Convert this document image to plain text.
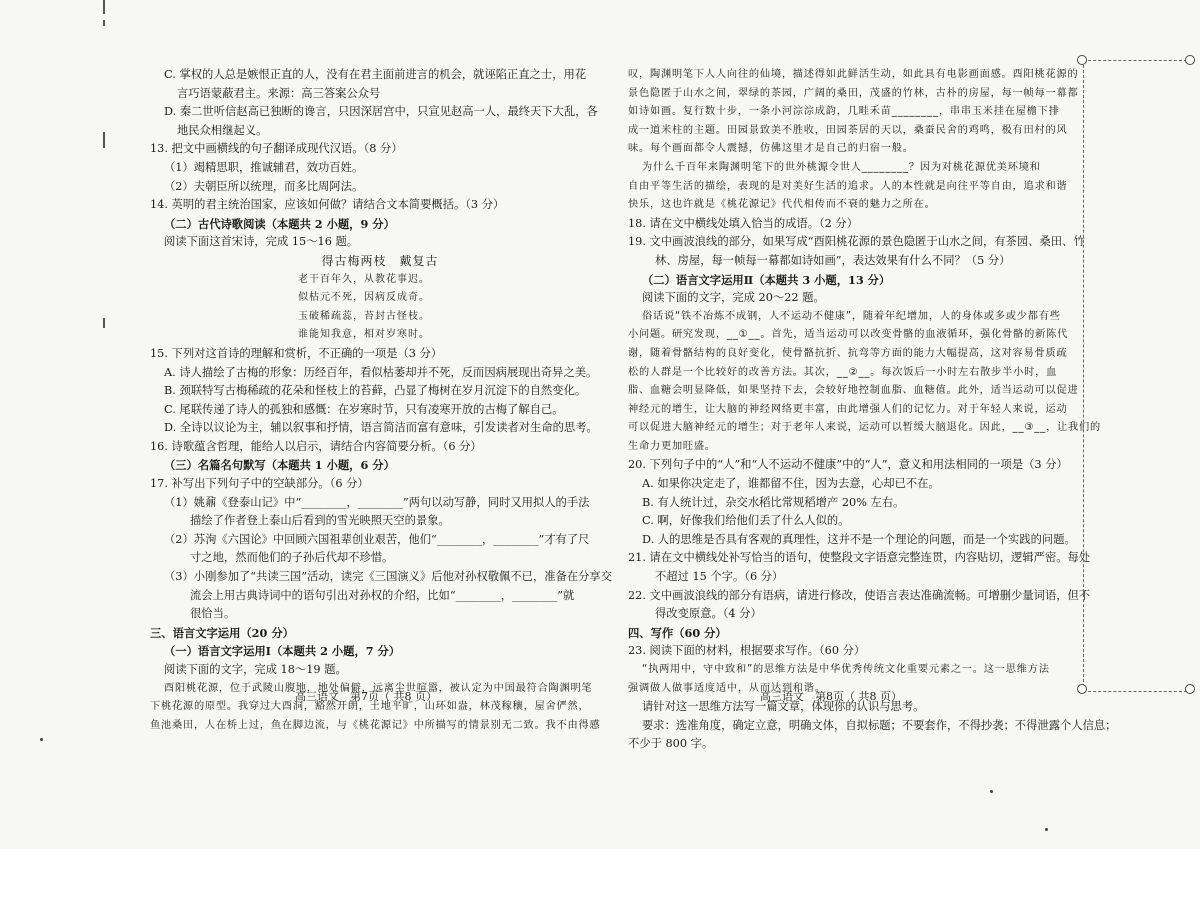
C. 掌权的人总是嫉恨正直的人，没有在君主面前进言的机会，就诬陷正直之士，用花
言巧语蒙蔽君主。来源：高三答案公众号
D. 秦二世听信赵高已独断的谗言，只因深居宫中，只宣见赵高一人，最终天下大乱，各
地民众相继起义。
13. 把文中画横线的句子翻译成现代汉语。（8 分）
（1）竭精思职，推诚辅君，效功百姓。
（2）夫朝臣所以统理，而多比周阿法。
14. 英明的君主统治国家，应该如何做？请结合文本简要概括。（3 分）
（二）古代诗歌阅读（本题共 2 小题，9 分）
阅读下面这首宋诗，完成 15～16 题。
得古梅两枝　戴复古
老干百年久，从教花事迟。
似枯元不死，因病反成奇。
玉破稀疏蕊，苔封古怪枝。
谁能知我意，相对岁寒时。
15. 下列对这首诗的理解和赏析，不正确的一项是（3 分）
A. 诗人描绘了古梅的形象：历经百年，看似枯萎却并不死，反而因病展现出奇异之美。
B. 颈联特写古梅稀疏的花朵和怪枝上的苔藓，凸显了梅树在岁月沉淀下的自然变化。
C. 尾联传递了诗人的孤独和感慨：在岁寒时节，只有凌寒开放的古梅了解自己。
D. 全诗以议论为主，辅以叙事和抒情，语言简洁而富有意味，引发读者对生命的思考。
16. 诗歌蕴含哲理，能给人以启示，请结合内容简要分析。（6 分）
（三）名篇名句默写（本题共 1 小题，6 分）
17. 补写出下列句子中的空缺部分。（6 分）
（1）姚鼐《登泰山记》中“________，________”两句以动写静，同时又用拟人的手法
描绘了作者登上泰山后看到的雪光映照天空的景象。
（2）苏洵《六国论》中回顾六国祖辈创业艰苦，他们“________，________”才有了尺
寸之地，然而他们的子孙后代却不珍惜。
（3）小刚参加了“共读三国”活动，读完《三国演义》后他对孙权敬佩不已，准备在分享交
流会上用古典诗词中的语句引出对孙权的介绍，比如“________，________”就
很恰当。
三、语言文字运用（20 分）
（一）语言文字运用Ⅰ（本题共 2 小题，7 分）
阅读下面的文字，完成 18～19 题。
酉阳桃花源，位于武陵山腹地，地处偏僻，远离尘世喧嚣，被认定为中国最符合陶渊明笔
下桃花源的原型。我穿过大酉洞，豁然开朗，土地平旷，山环如盎，林茂稼穰，屋舍俨然，
鱼池桑田，人在桥上过，鱼在脚边流，与《桃花源记》中所描写的情景别无二致。我不由得感
叹，陶渊明笔下人人向往的仙境，描述得如此鲜活生动，如此具有电影画面感。酉阳桃花源的
景色隐匿于山水之间，翠绿的茶园，广阔的桑田，茂盛的竹林，古朴的房屋，每一帧每一幕都
如诗如画。复行数十步，一条小河淙淙成韵，几畦禾苗________，串串玉米挂在屋檐下排
成一道米柱的主题。田园景致美不胜收，田园茶居的天以，桑蚕民舍的鸡鸣，极有田村的风
味。每个画面都令人震撼，仿佛这里才是自己的归宿一般。
为什么千百年来陶渊明笔下的世外桃源令世人________？因为对桃花源优美环境和
自由平等生活的描绘，表现的是对美好生活的追求。人的本性就是向往平等自由，追求和谐
快乐，这也许就是《桃花源记》代代相传而不衰的魅力之所在。
18. 请在文中横线处填入恰当的成语。（2 分）
19. 文中画波浪线的部分，如果写成“酉阳桃花源的景色隐匿于山水之间，有茶园、桑田、竹
林、房屋，每一帧每一幕都如诗如画”，表达效果有什么不同？（5 分）
（二）语言文字运用Ⅱ（本题共 3 小题，13 分）
阅读下面的文字，完成 20～22 题。
俗话说“铁不冶炼不成钢，人不运动不健康”，随着年纪增加，人的身体或多或少都有些
小问题。研究发现，__①__。首先，适当运动可以改变骨骼的血液循环，强化骨骼的新陈代
谢，随着骨骼结构的良好变化，使骨骼抗折、抗弯等方面的能力大幅提高，这对容易骨质疏
松的人群是一个比较好的改善方法。其次，__②__。每次饭后一小时左右散步半小时，血
脂、血糖会明显降低，如果坚持下去，会较好地控制血脂、血糖值。此外，适当运动可以促进
神经元的增生，让大脑的神经网络更丰富，由此增强人们的记忆力。对于年轻人来说，运动
可以促进大脑神经元的增生；对于老年人来说，运动可以暂缓大脑退化。因此，__③__，让我们的
生命力更加旺盛。
20. 下列句子中的“人”和“人不运动不健康”中的“人”，意义和用法相同的一项是（3 分）
A. 如果你决定走了，谁都留不住，因为去意，心却已不在。
B. 有人统计过，杂交水稻比常规稻增产 20% 左右。
C. 啊，好像我们给他们丢了什么人似的。
D. 人的思维是否具有客观的真理性，这并不是一个理论的问题，而是一个实践的问题。
21. 请在文中横线处补写恰当的语句，使整段文字语意完整连贯，内容贴切，逻辑严密。每处
不超过 15 个字。（6 分）
22. 文中画波浪线的部分有语病，请进行修改，使语言表达准确流畅。可增删少量词语，但不
得改变原意。（4 分）
四、写作（60 分）
23. 阅读下面的材料，根据要求写作。（60 分）
“执两用中，守中致和”的思维方法是中华优秀传统文化重要元素之一。这一思维方法
强调做人做事适度适中，从而达到和谐。
请针对这一思维方法写一篇文章，体现你的认识与思考。
要求：选准角度，确定立意，明确文体，自拟标题；不要套作，不得抄袭；不得泄露个人信息；
不少于 800 字。
高三语文　第7页（ 共8 页）	高三语文　第8页（ 共8 页）
